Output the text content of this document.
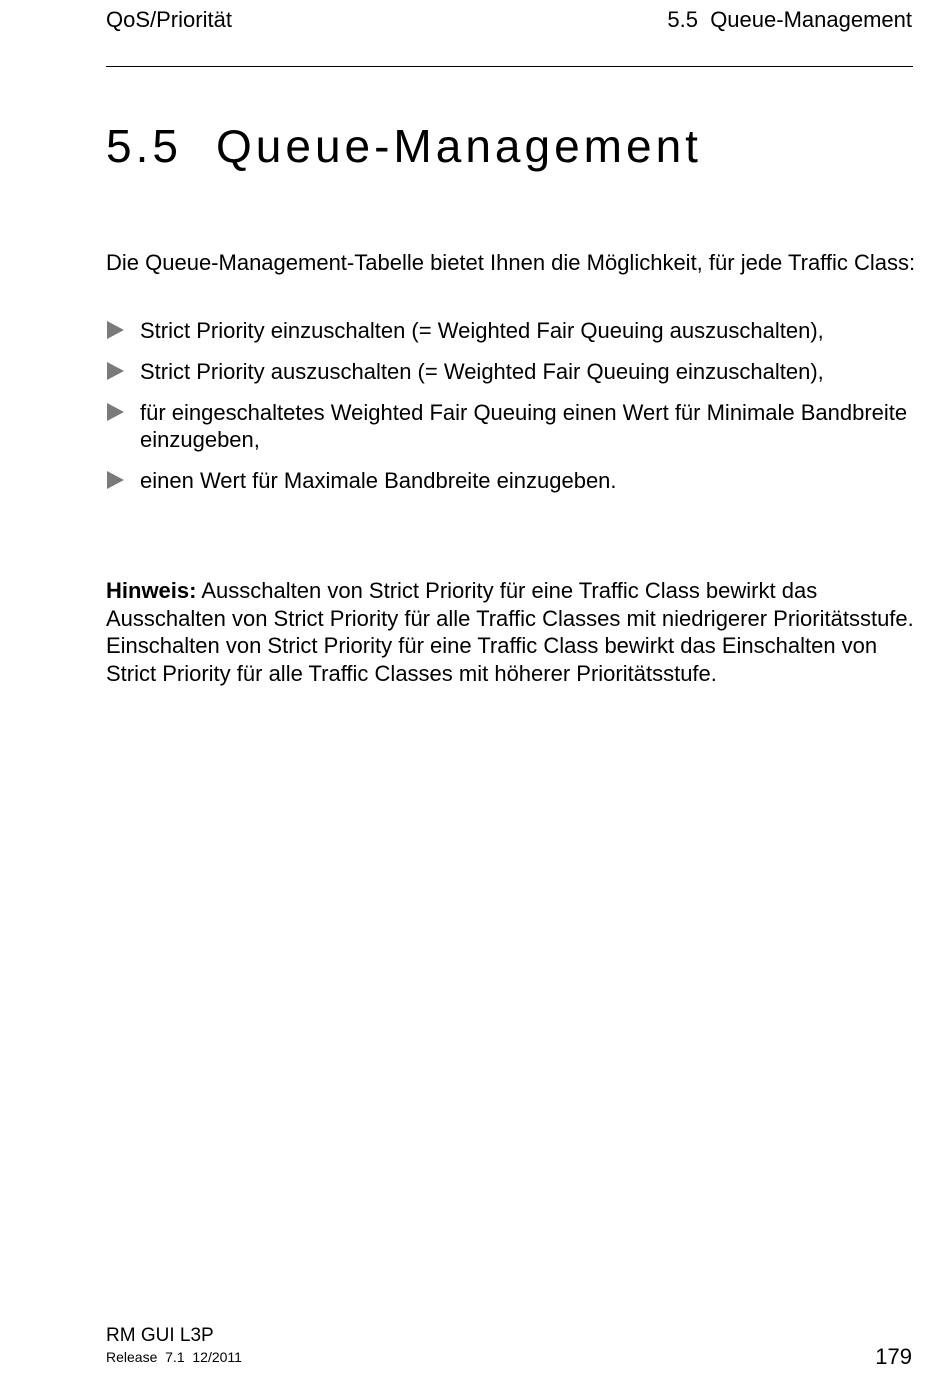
QoS/Priorität	5.5  Queue-Management
5.5 Queue-Management

Die Queue-Management-Tabelle bietet Ihnen die Möglichkeit, für jede Traffic Class:

Strict Priority einzuschalten (= Weighted Fair Queuing auszuschalten),
Strict Priority auszuschalten (= Weighted Fair Queuing einzuschalten),
für eingeschaltetes Weighted Fair Queuing einen Wert für Minimale Bandbreite einzugeben,
einen Wert für Maximale Bandbreite einzugeben.

Hinweis: Ausschalten von Strict Priority für eine Traffic Class bewirkt das Ausschalten von Strict Priority für alle Traffic Classes mit niedrigerer Prioritätsstufe. Einschalten von Strict Priority für eine Traffic Class bewirkt das Einschalten von Strict Priority für alle Traffic Classes mit höherer Prioritätsstufe.

RM GUI L3P
Release  7.1  12/2011	179
